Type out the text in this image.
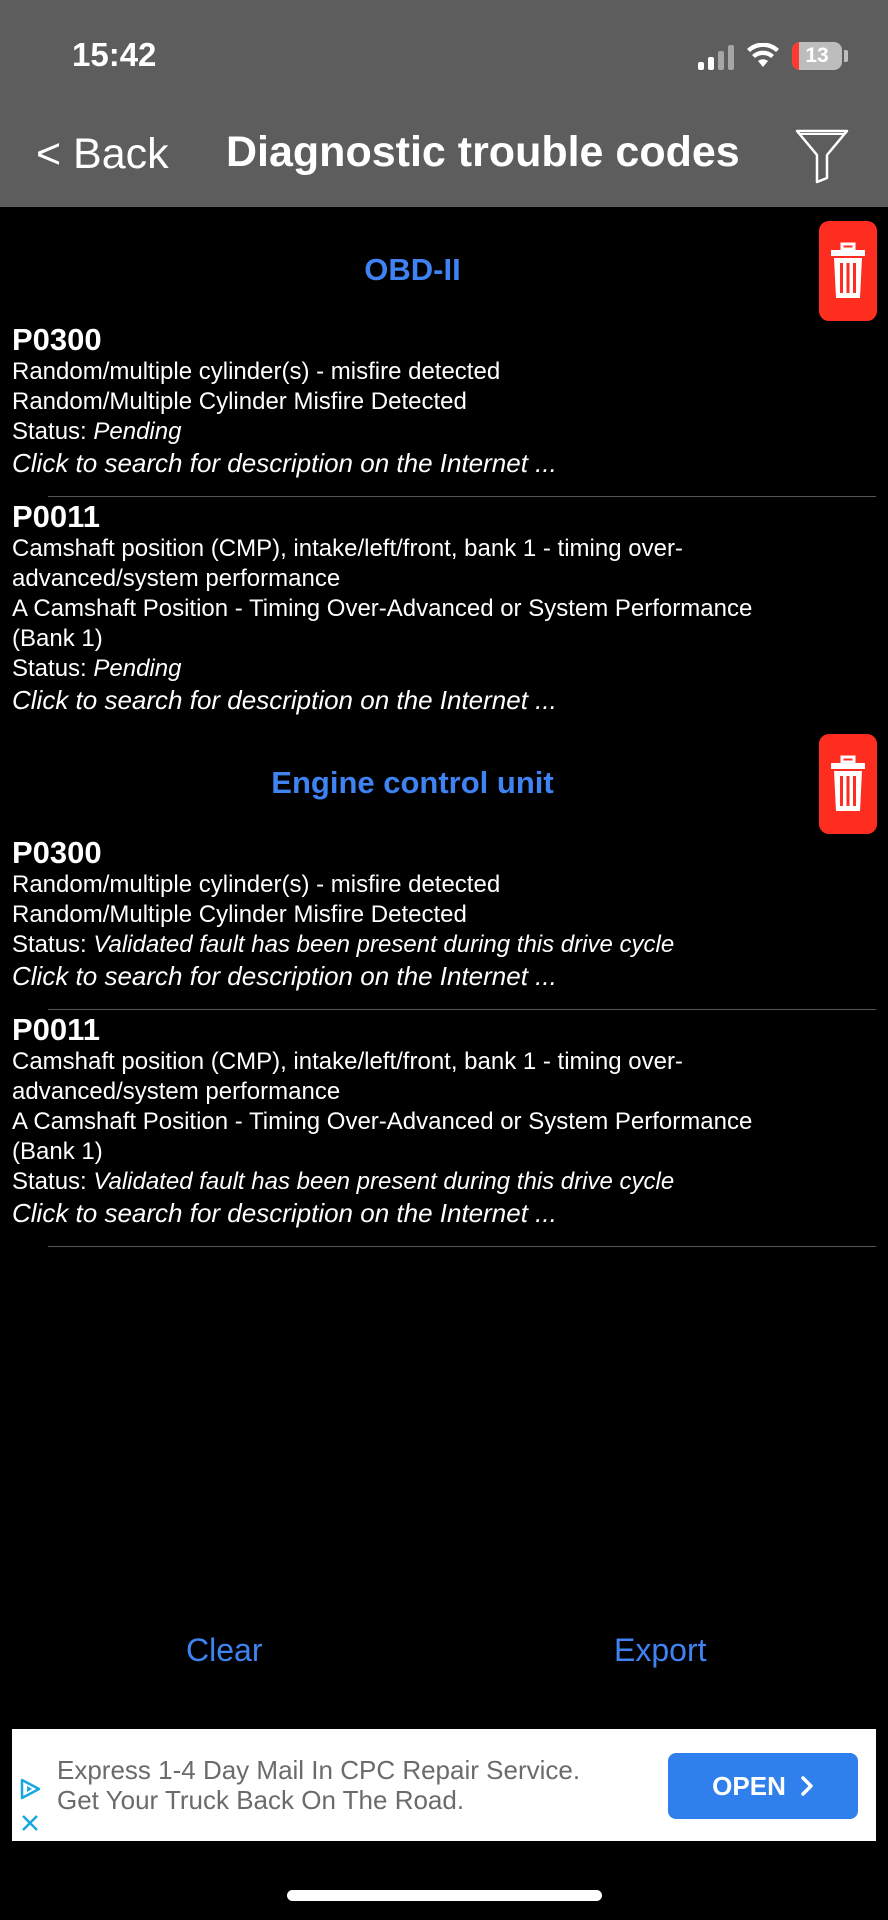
15:42	13
< Back Diagnostic trouble codes
OBD-II
P0300
Random/multiple cylinder(s) - misfire detected
Random/Multiple Cylinder Misfire Detected
Status: Pending
Click to search for description on the Internet ...
P0011
Camshaft position (CMP), intake/left/front, bank 1 - timing over-
advanced/system performance
A Camshaft Position - Timing Over-Advanced or System Performance
(Bank 1)
Status: Pending
Click to search for description on the Internet ...
Engine control unit
P0300
Random/multiple cylinder(s) - misfire detected
Random/Multiple Cylinder Misfire Detected
Status: Validated fault has been present during this drive cycle
Click to search for description on the Internet ...
P0011
Camshaft position (CMP), intake/left/front, bank 1 - timing over-
advanced/system performance
A Camshaft Position - Timing Over-Advanced or System Performance
(Bank 1)
Status: Validated fault has been present during this drive cycle
Click to search for description on the Internet ...
Clear	Export
Express 1-4 Day Mail In CPC Repair Service.
Get Your Truck Back On The Road.	OPEN
